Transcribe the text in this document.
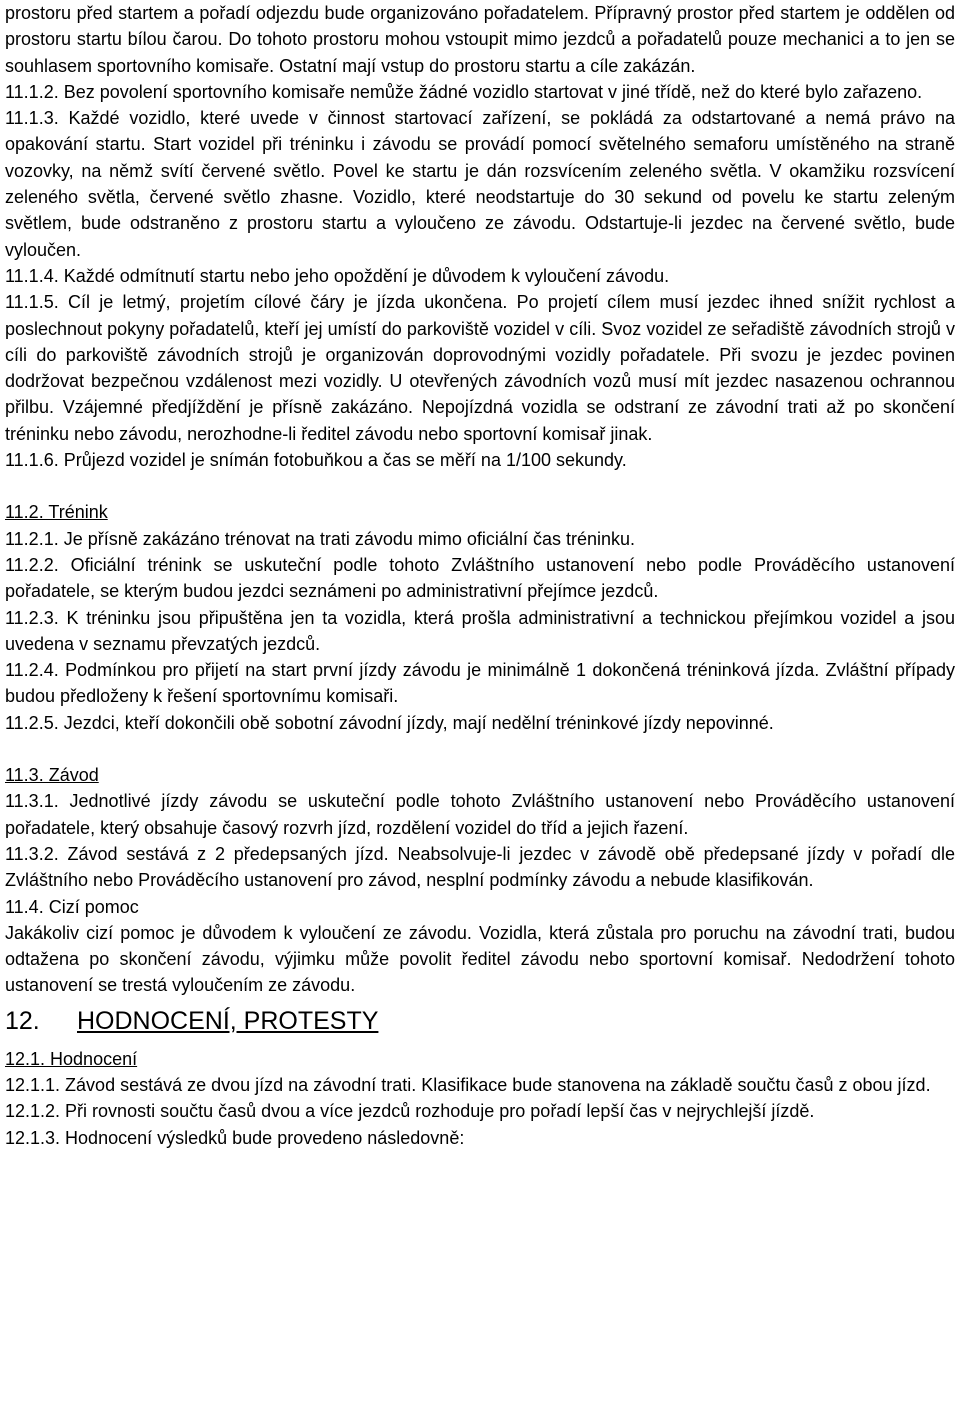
prostoru před startem a pořadí odjezdu bude organizováno pořadatelem. Přípravný prostor před startem je oddělen od prostoru startu bílou čarou. Do tohoto prostoru mohou vstoupit mimo jezdců a pořadatelů pouze mechanici a to jen se souhlasem sportovního komisaře. Ostatní mají vstup do prostoru startu a cíle zakázán.

11.1.2. Bez povolení sportovního komisaře nemůže žádné vozidlo startovat v jiné třídě, než do které bylo zařazeno.

11.1.3. Každé vozidlo, které uvede v činnost startovací zařízení, se pokládá za odstartované a nemá právo na opakování startu. Start vozidel při tréninku i závodu se provádí pomocí světelného semaforu umístěného na straně vozovky, na němž svítí červené světlo. Povel ke startu je dán rozsvícením zeleného světla. V okamžiku rozsvícení zeleného světla, červené světlo zhasne. Vozidlo, které neodstartuje do 30 sekund od povelu ke startu zeleným světlem, bude odstraněno z prostoru startu a vyloučeno ze závodu. Odstartuje-li jezdec na červené světlo, bude vyloučen.

11.1.4. Každé odmítnutí startu nebo jeho opoždění je důvodem k vyloučení závodu.

11.1.5. Cíl je letmý, projetím cílové čáry je jízda ukončena. Po projetí cílem musí jezdec ihned snížit rychlost a poslechnout pokyny pořadatelů, kteří jej umístí do parkoviště vozidel v cíli. Svoz vozidel ze seřadiště závodních strojů v cíli do parkoviště závodních strojů je organizován doprovodnými vozidly pořadatele. Při svozu je jezdec povinen dodržovat bezpečnou vzdálenost mezi vozidly. U otevřených závodních vozů musí mít jezdec nasazenou ochrannou přilbu. Vzájemné předjíždění je přísně zakázáno. Nepojízdná vozidla se odstraní ze závodní trati až po skončení tréninku nebo závodu, nerozhodne-li ředitel závodu nebo sportovní komisař jinak.

11.1.6. Průjezd vozidel je snímán fotobuňkou a čas se měří na 1/100 sekundy.

11.2. Trénink

11.2.1. Je přísně zakázáno trénovat na trati závodu mimo oficiální čas tréninku.

11.2.2. Oficiální trénink se uskuteční podle tohoto Zvláštního ustanovení nebo podle Prováděcího ustanovení pořadatele, se kterým budou jezdci seznámeni po administrativní přejímce jezdců.

11.2.3. K tréninku jsou připuštěna jen ta vozidla, která prošla administrativní a technickou přejímkou vozidel a jsou uvedena v seznamu převzatých jezdců.

11.2.4. Podmínkou pro přijetí na start první jízdy závodu je minimálně 1 dokončená tréninková jízda. Zvláštní případy budou předloženy k řešení sportovnímu komisaři.

11.2.5. Jezdci, kteří dokončili obě sobotní závodní jízdy, mají nedělní tréninkové jízdy nepovinné.

11.3. Závod

11.3.1. Jednotlivé jízdy závodu se uskuteční podle tohoto Zvláštního ustanovení nebo Prováděcího ustanovení pořadatele, který obsahuje časový rozvrh jízd, rozdělení vozidel do tříd a jejich řazení.

11.3.2. Závod sestává z 2 předepsaných jízd. Neabsolvuje-li jezdec v závodě obě předepsané jízdy v pořadí dle Zvláštního nebo Prováděcího ustanovení pro závod, nesplní podmínky závodu a nebude klasifikován.

11.4. Cizí pomoc

Jakákoliv cizí pomoc je důvodem k vyloučení ze závodu. Vozidla, která zůstala pro poruchu na závodní trati, budou odtažena po skončení závodu, výjimku může povolit ředitel závodu nebo sportovní komisař. Nedodržení tohoto ustanovení se trestá vyloučením ze závodu.

12. HODNOCENÍ, PROTESTY

12.1. Hodnocení

12.1.1. Závod sestává ze dvou jízd na závodní trati. Klasifikace bude stanovena na základě součtu časů z obou jízd.

12.1.2. Při rovnosti součtu časů dvou a více jezdců rozhoduje pro pořadí lepší čas v nejrychlejší jízdě.

12.1.3. Hodnocení výsledků bude provedeno následovně:
